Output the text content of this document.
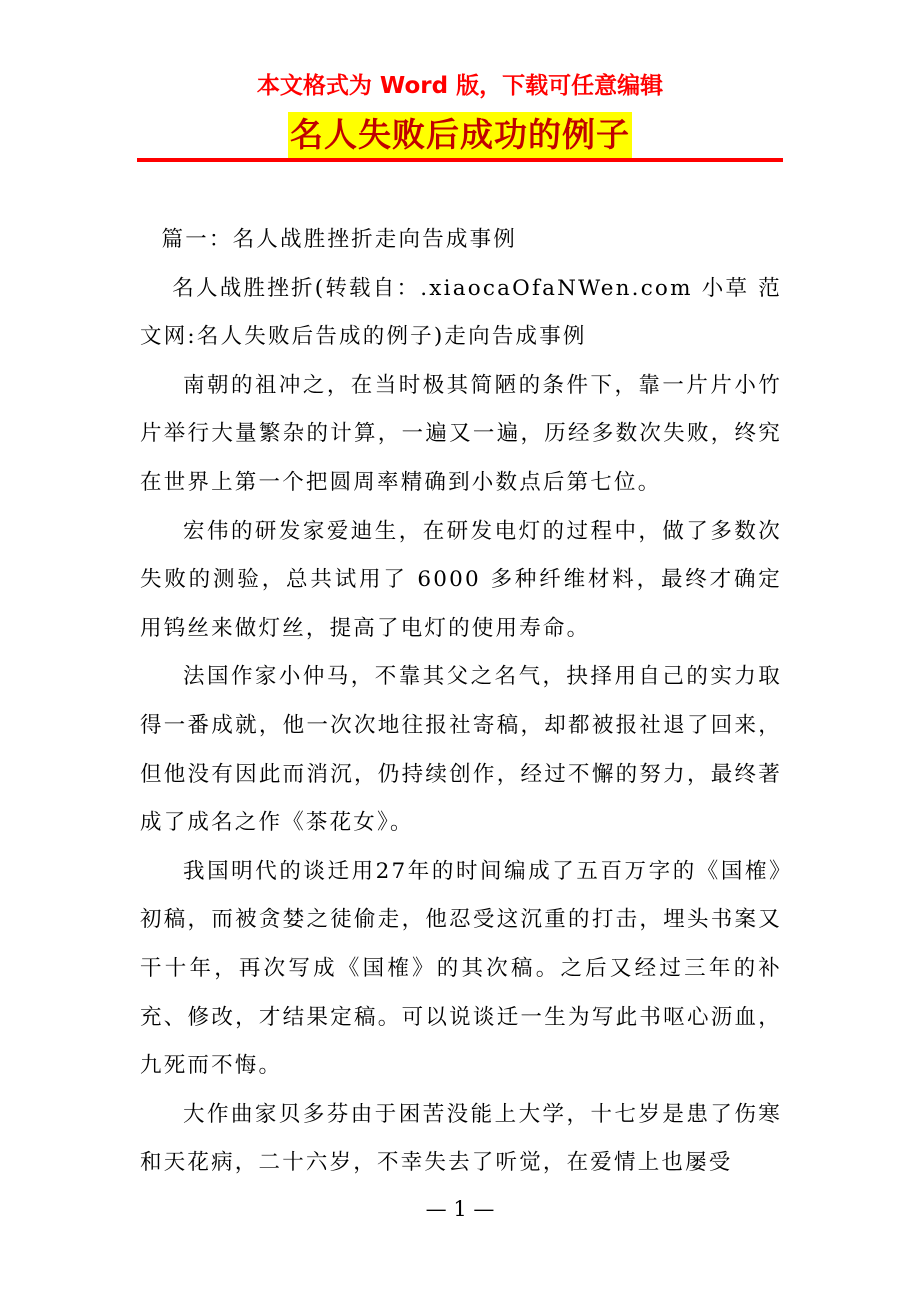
本文格式为 Word 版，下载可任意编辑
名人失败后成功的例子

篇一：名人战胜挫折走向告成事例

名人战胜挫折(转载自：.xiaocaOfaNWen.com 小草 范 文网:名人失败后告成的例子)走向告成事例

南朝的祖冲之，在当时极其简陋的条件下，靠一片片小竹片举行大量繁杂的计算，一遍又一遍，历经多数次失败，终究在世界上第一个把圆周率精确到小数点后第七位。

宏伟的研发家爱迪生，在研发电灯的过程中，做了多数次失败的测验，总共试用了 6000 多种纤维材料，最终才确定用钨丝来做灯丝，提高了电灯的使用寿命。

法国作家小仲马，不靠其父之名气，抉择用自己的实力取得一番成就，他一次次地往报社寄稿，却都被报社退了回来，但他没有因此而消沉，仍持续创作，经过不懈的努力，最终著成了成名之作《茶花女》。

我国明代的谈迁用27年的时间编成了五百万字的《国榷》初稿，而被贪婪之徒偷走，他忍受这沉重的打击，埋头书案又干十年，再次写成《国榷》的其次稿。之后又经过三年的补充、修改，才结果定稿。可以说谈迁一生为写此书呕心沥血，九死而不悔。

大作曲家贝多芬由于困苦没能上大学，十七岁是患了伤寒和天花病，二十六岁，不幸失去了听觉，在爱情上也屡受

— 1 —
